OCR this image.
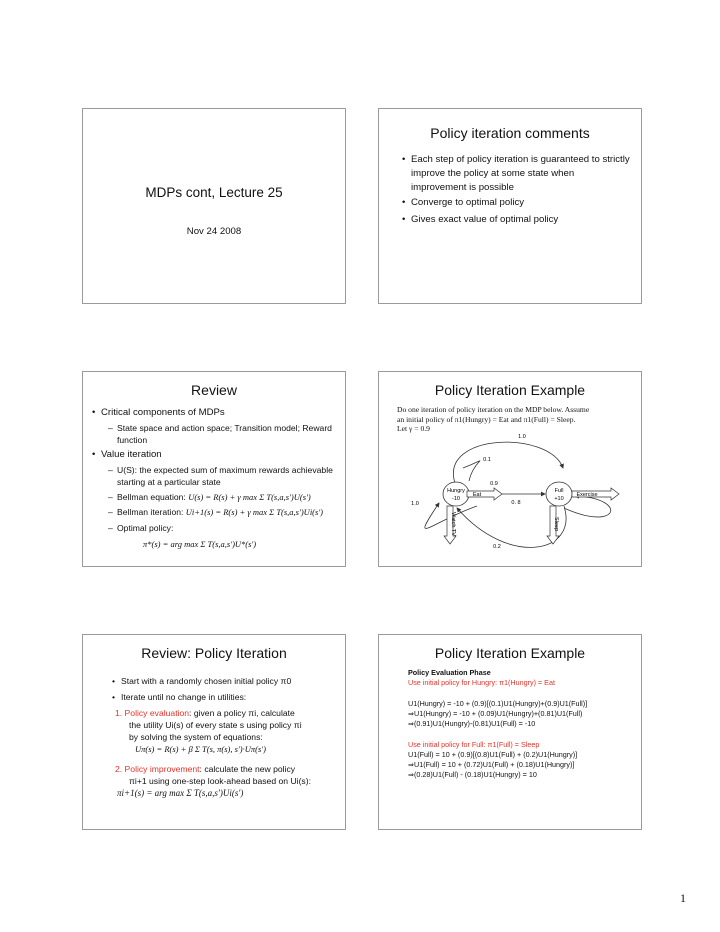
MDPs cont, Lecture 25
Nov 24 2008
Policy iteration comments
• Each step of policy iteration is guaranteed to strictly improve the policy at some state when improvement is possible
• Converge to optimal policy
• Gives exact value of optimal policy
Review
• Critical components of MDPs
– State space and action space; Transition model; Reward function
• Value iteration
– U(S): the expected sum of maximum rewards achievable starting at a particular state
– Bellman equation: U(s) = R(s) + γ max Σ T(s,a,s′)U(s′)
– Bellman iteration: Ui+1(s) = R(s) + γ max Σ T(s,a,s′)Ui(s′)
– Optimal policy:
π*(s) = arg max Σ T(s,a,s′)U*(s′)
Policy Iteration Example
Do one iteration of policy iteration on the MDP below. Assume
an initial policy of π1(Hungry) = Eat and π1(Full) = Sleep.
Let γ = 0.9
Hungry
-10
Full
+10
Eat	Exercise
Watch TV	Sleep
1.0
0.1
0.9
1.0	0. 8
0.2
Review: Policy Iteration
• Start with a randomly chosen initial policy π0
• Iterate until no change in utilities:
1. Policy evaluation: given a policy πi, calculate
the utility Ui(s) of every state s using policy πi
by solving the system of equations:
Uπ(s) = R(s) + β Σ T(s, π(s), s′)·Uπ(s′)
2. Policy improvement: calculate the new policy
πi+1 using one-step look-ahead based on Ui(s):
πi+1(s) = arg max Σ T(s,a,s′)Ui(s′)
Policy Iteration Example
Policy Evaluation Phase
Use initial policy for Hungry: π1(Hungry) = Eat
U1(Hungry) = -10 + (0.9)[(0.1)U1(Hungry)+(0.9)U1(Full)]
⇒U1(Hungry) = -10 + (0.09)U1(Hungry)+(0.81)U1(Full)
⇒(0.91)U1(Hungry)-(0.81)U1(Full) = -10
Use initial policy for Full: π1(Full) = Sleep
U1(Full) = 10 + (0.9)[(0.8)U1(Full) + (0.2)U1(Hungry)]
⇒U1(Full) = 10 + (0.72)U1(Full) + (0.18)U1(Hungry)]
⇒(0.28)U1(Full) - (0.18)U1(Hungry) = 10
1
